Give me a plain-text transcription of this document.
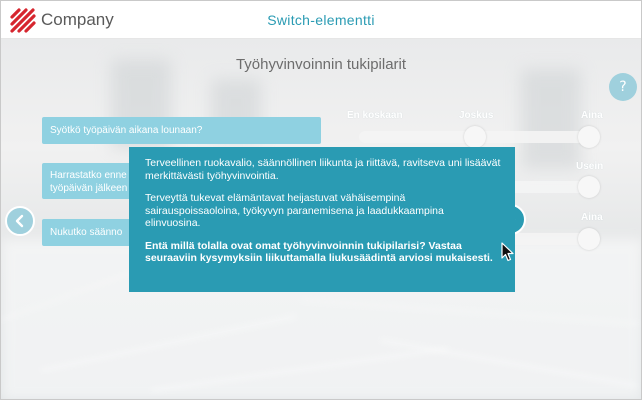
Company	Switch-elementti
Työhyvinvoinnin tukipilarit
?
Syötkö työpäivän aikana lounaan?
Harrastatko enne
työpäivän jälkeen
Nukutko säänno
En koskaan	Joskus	Aina
Usein
Aina

Terveellinen ruokavalio, säännöllinen liikunta ja riittävä, ravitseva uni lisäävät merkittävästi työhyvinvointia.

Terveyttä tukevat elämäntavat heijastuvat vähäisempinä sairauspoissaoloina, työkyvyn paranemisena ja laadukkaampina elinvuosina.

Entä millä tolalla ovat omat työhyvinvoinnin tukipilarisi? Vastaa seuraaviin kysymyksiin liikuttamalla liukusäädintä arviosi mukaisesti.
